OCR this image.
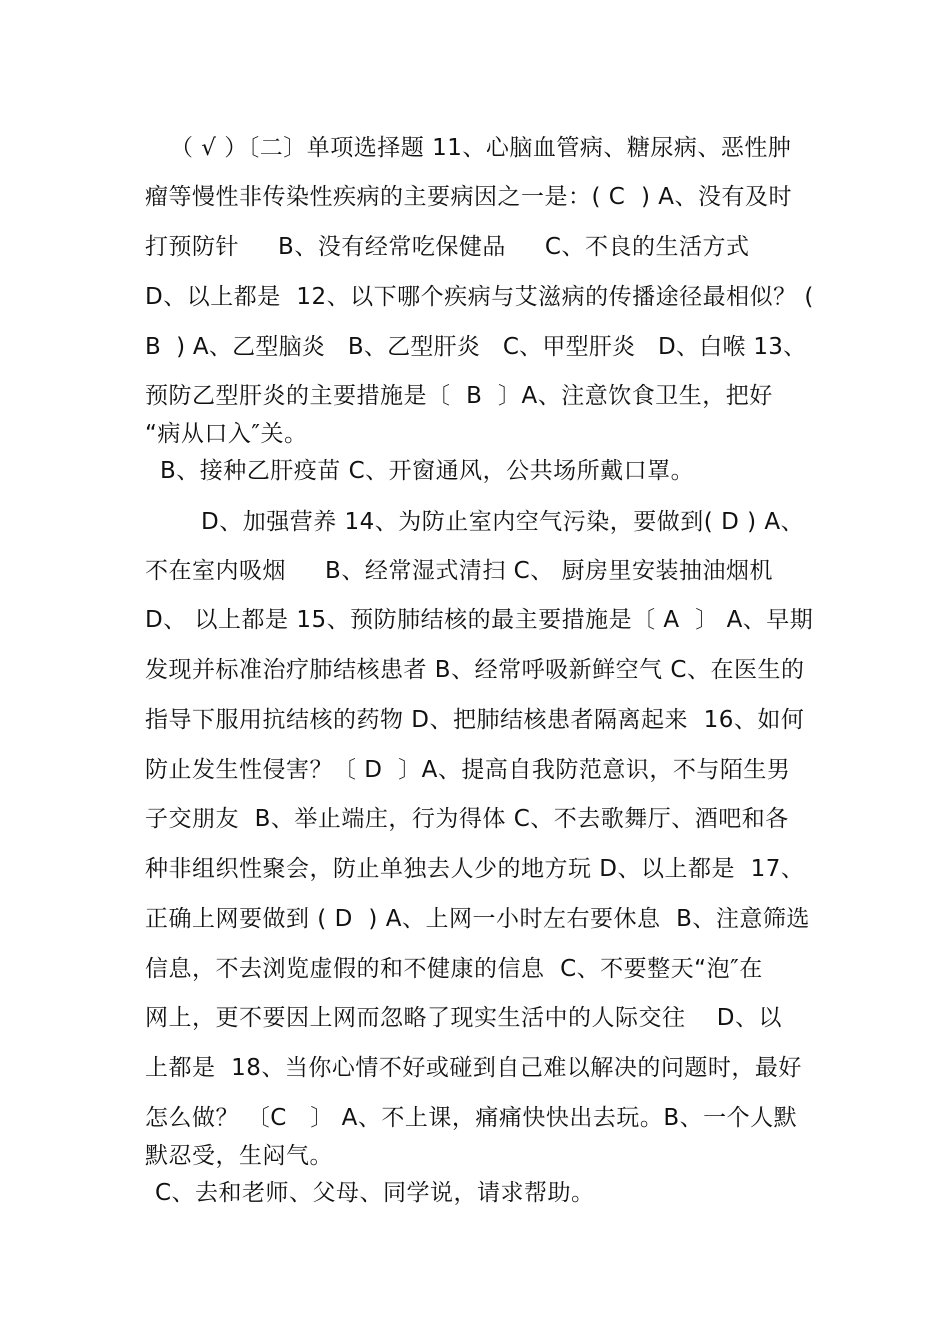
（ √ ）〔二〕单项选择题 11、心脑血管病、糖尿病、恶性肿

瘤等慢性非传染性疾病的主要病因之一是：( C  ) A、没有及时

打预防针     B、没有经常吃保健品     C、不良的生活方式

D、以上都是  12、以下哪个疾病与艾滋病的传播途径最相似？ (

B  ) A、乙型脑炎   B、乙型肝炎   C、甲型肝炎   D、白喉 13、

预防乙型肝炎的主要措施是〔  B  〕A、注意饮食卫生，把好

“病从口入″关。

B、接种乙肝疫苗 C、开窗通风，公共场所戴口罩。

D、加强营养 14、为防止室内空气污染，要做到( D ) A、

不在室内吸烟     B、经常湿式清扫 C、 厨房里安装抽油烟机

D、 以上都是 15、预防肺结核的最主要措施是〔 A  〕 A、早期

发现并标准治疗肺结核患者 B、经常呼吸新鲜空气 C、在医生的

指导下服用抗结核的药物 D、把肺结核患者隔离起来  16、如何

防止发生性侵害？〔 D  〕A、提高自我防范意识，不与陌生男

子交朋友  B、举止端庄，行为得体 C、不去歌舞厅、酒吧和各

种非组织性聚会，防止单独去人少的地方玩 D、以上都是  17、

正确上网要做到 ( D  ) A、上网一小时左右要休息  B、注意筛选

信息，不去浏览虚假的和不健康的信息  C、不要整天“泡″在

网上，更不要因上网而忽略了现实生活中的人际交往    D、以

上都是  18、当你心情不好或碰到自己难以解决的问题时，最好

怎么做？ 〔C   〕 A、不上课，痛痛快快出去玩。B、一个人默

默忍受，生闷气。

C、去和老师、父母、同学说，请求帮助。
